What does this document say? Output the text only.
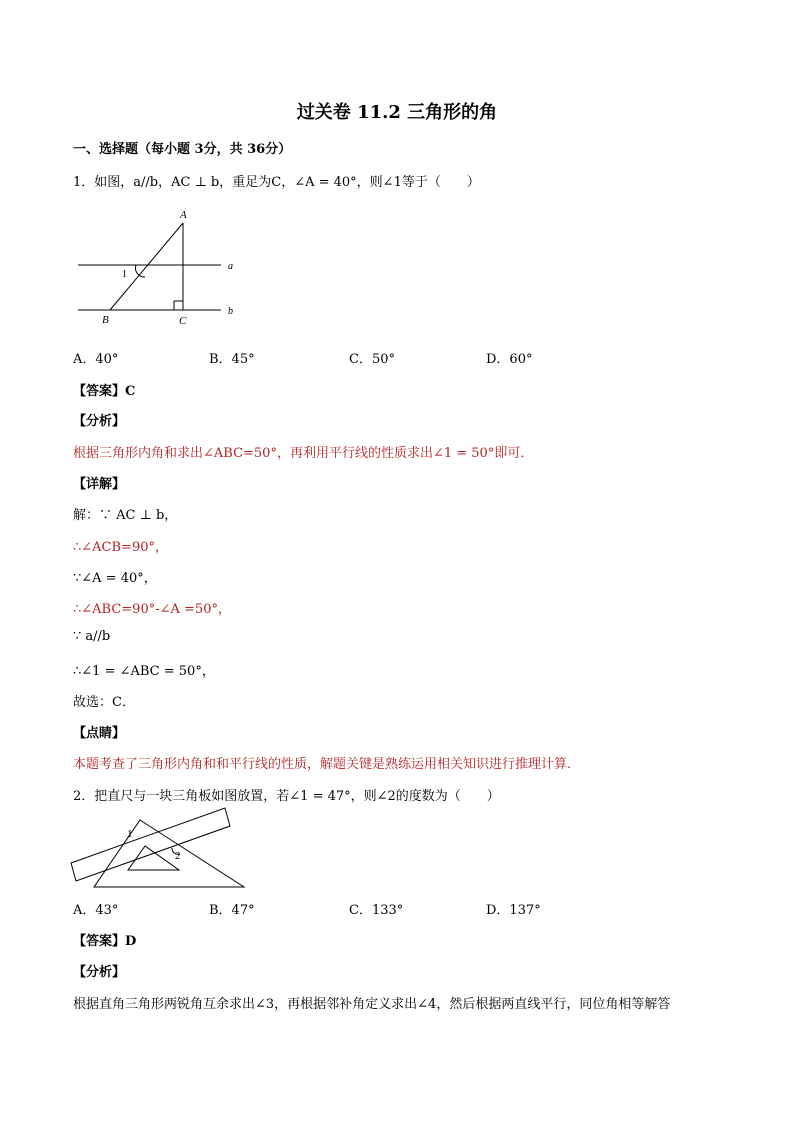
过关卷 11.2 三角形的角
一、选择题（每小题 3分，共 36分）
1．如图，a//b，AC ⊥ b，重足为C，∠A = 40°，则∠1等于（　　）
A
B	C
a
b
1
A．40°	B．45°	C．50°	D．60°
【答案】C
【分析】
根据三角形内角和求出∠ABC=50°，再利用平行线的性质求出∠1 = 50°即可．
【详解】
解：∵ AC ⊥ b，
∴∠ACB=90°，
∵∠A = 40°，
∴∠ABC=90°-∠A =50°，
∵ a//b
∴∠1 = ∠ABC = 50°，
故选：C．
【点睛】
本题考查了三角形内角和和平行线的性质，解题关键是熟练运用相关知识进行推理计算．
2．把直尺与一块三角板如图放置，若∠1 = 47°，则∠2的度数为（　　）
1
2
A．43°	B．47°	C．133°	D．137°
【答案】D
【分析】
根据直角三角形两锐角互余求出∠3，再根据邻补角定义求出∠4，然后根据两直线平行，同位角相等解答
